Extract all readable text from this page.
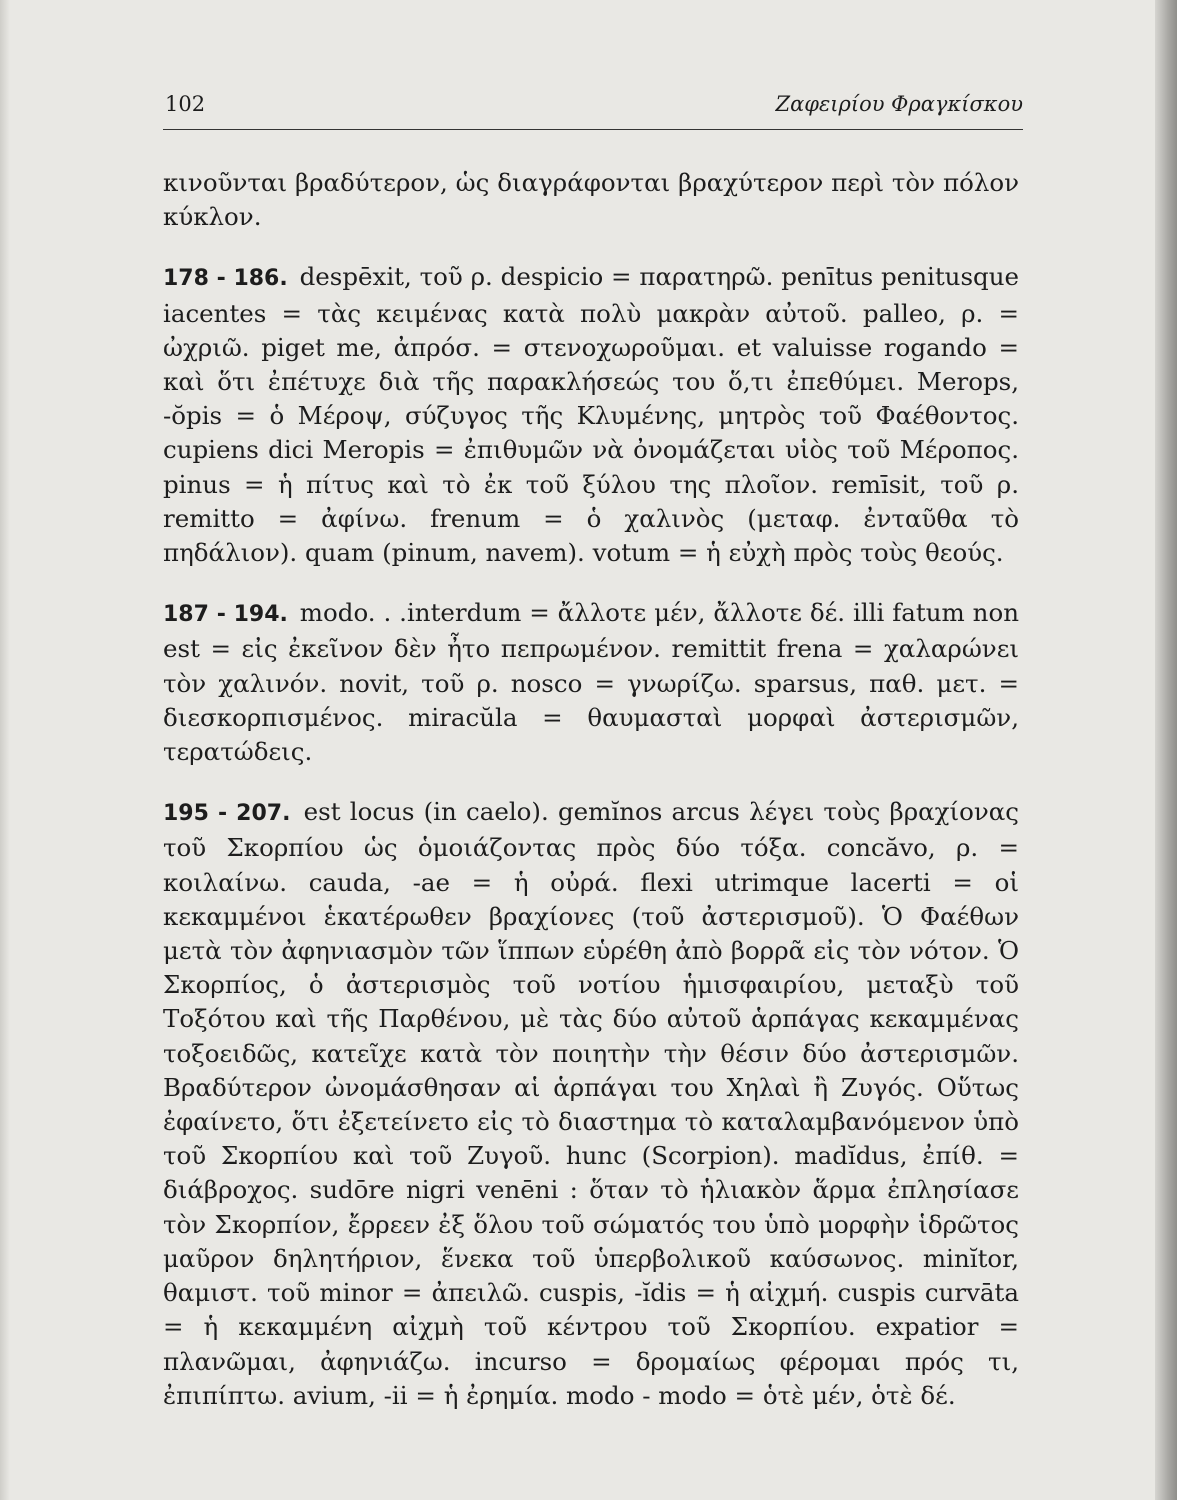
102	Ζαφειρίου Φραγκίσκου

κινοῦνται βραδύτερον, ὡς διαγράφονται βραχύτερον περὶ τὸν πόλον κύκλον.

178 - 186. despēxit, τοῦ ρ. despicio = παρατηρῶ. penītus penitusque iacentes = τὰς κειμένας κατὰ πολὺ μακρὰν αὐτοῦ. palleo, ρ. = ὠχριῶ. piget me, ἀπρόσ. = στενοχωροῦμαι. et valuisse rogando = καὶ ὅτι ἐπέτυχε διὰ τῆς παρακλήσεώς του ὅ,τι ἐπεθύμει. Merops, -ŏpis = ὁ Μέροψ, σύζυγος τῆς Κλυμένης, μητρὸς τοῦ Φαέθοντος. cupiens dici Meropis = ἐπιθυμῶν νὰ ὀνομάζεται υἱὸς τοῦ Μέροπος. pinus = ἡ πίτυς καὶ τὸ ἐκ τοῦ ξύλου της πλοῖον. remīsit, τοῦ ρ. remitto = ἀφίνω. frenum = ὁ χαλινὸς (μεταφ. ἐνταῦθα τὸ πηδάλιον). quam (pinum, navem). votum = ἡ εὐχὴ πρὸς τοὺς θεούς.

187 - 194. modo. . .interdum = ἄλλοτε μέν, ἄλλοτε δέ. illi fatum non est = εἰς ἐκεῖνον δὲν ἦτο πεπρωμένον. remittit frena = χαλαρώνει τὸν χαλινόν. novit, τοῦ ρ. nosco = γνωρίζω. sparsus, παθ. μετ. = διεσκορπισμένος. miracŭla = θαυμασταὶ μορφαὶ ἀστερισμῶν, τερατώδεις.

195 - 207. est locus (in caelo). gemĭnos arcus λέγει τοὺς βραχίονας τοῦ Σκορπίου ὡς ὁμοιάζοντας πρὸς δύο τόξα. concăvo, ρ. = κοιλαίνω. cauda, -ae = ἡ οὐρά. flexi utrimque lacerti = οἱ κεκαμμένοι ἑκατέρωθεν βραχίονες (τοῦ ἀστερισμοῦ). Ὁ Φαέθων μετὰ τὸν ἀφηνιασμὸν τῶν ἵππων εὑρέθη ἀπὸ βορρᾶ εἰς τὸν νότον. Ὁ Σκορπίος, ὁ ἀστερισμὸς τοῦ νοτίου ἡμισφαιρίου, μεταξὺ τοῦ Τοξότου καὶ τῆς Παρθένου, μὲ τὰς δύο αὐτοῦ ἁρπάγας κεκαμμένας τοξοειδῶς, κατεῖχε κατὰ τὸν ποιητὴν τὴν θέσιν δύο ἀστερισμῶν. Βραδύτερον ὠνομάσθησαν αἱ ἁρπάγαι του Χηλαὶ ἢ Ζυγός. Οὕτως ἐφαίνετο, ὅτι ἐξετείνετο εἰς τὸ διαστημα τὸ καταλαμβανόμενον ὑπὸ τοῦ Σκορπίου καὶ τοῦ Ζυγοῦ. hunc (Scorpion). madĭdus, ἐπίθ. = διάβροχος. sudōre nigri venēni : ὅταν τὸ ἡλιακὸν ἅρμα ἐπλησίασε τὸν Σκορπίον, ἔρρεεν ἐξ ὅλου τοῦ σώματός του ὑπὸ μορφὴν ἱδρῶτος μαῦρον δηλητήριον, ἕνεκα τοῦ ὑπερβολικοῦ καύσωνος. minĭtor, θαμιστ. τοῦ minor = ἀπειλῶ. cuspis, -ĭdis = ἡ αἰχμή. cuspis curvāta = ἡ κεκαμμένη αἰχμὴ τοῦ κέντρου τοῦ Σκορπίου. expatior = πλανῶμαι, ἀφηνιάζω. incurso = δρομαίως φέρομαι πρός τι, ἐπιπίπτω. avium, -ii = ἡ ἐρημία. modo - modo = ὁτὲ μέν, ὁτὲ δέ.
